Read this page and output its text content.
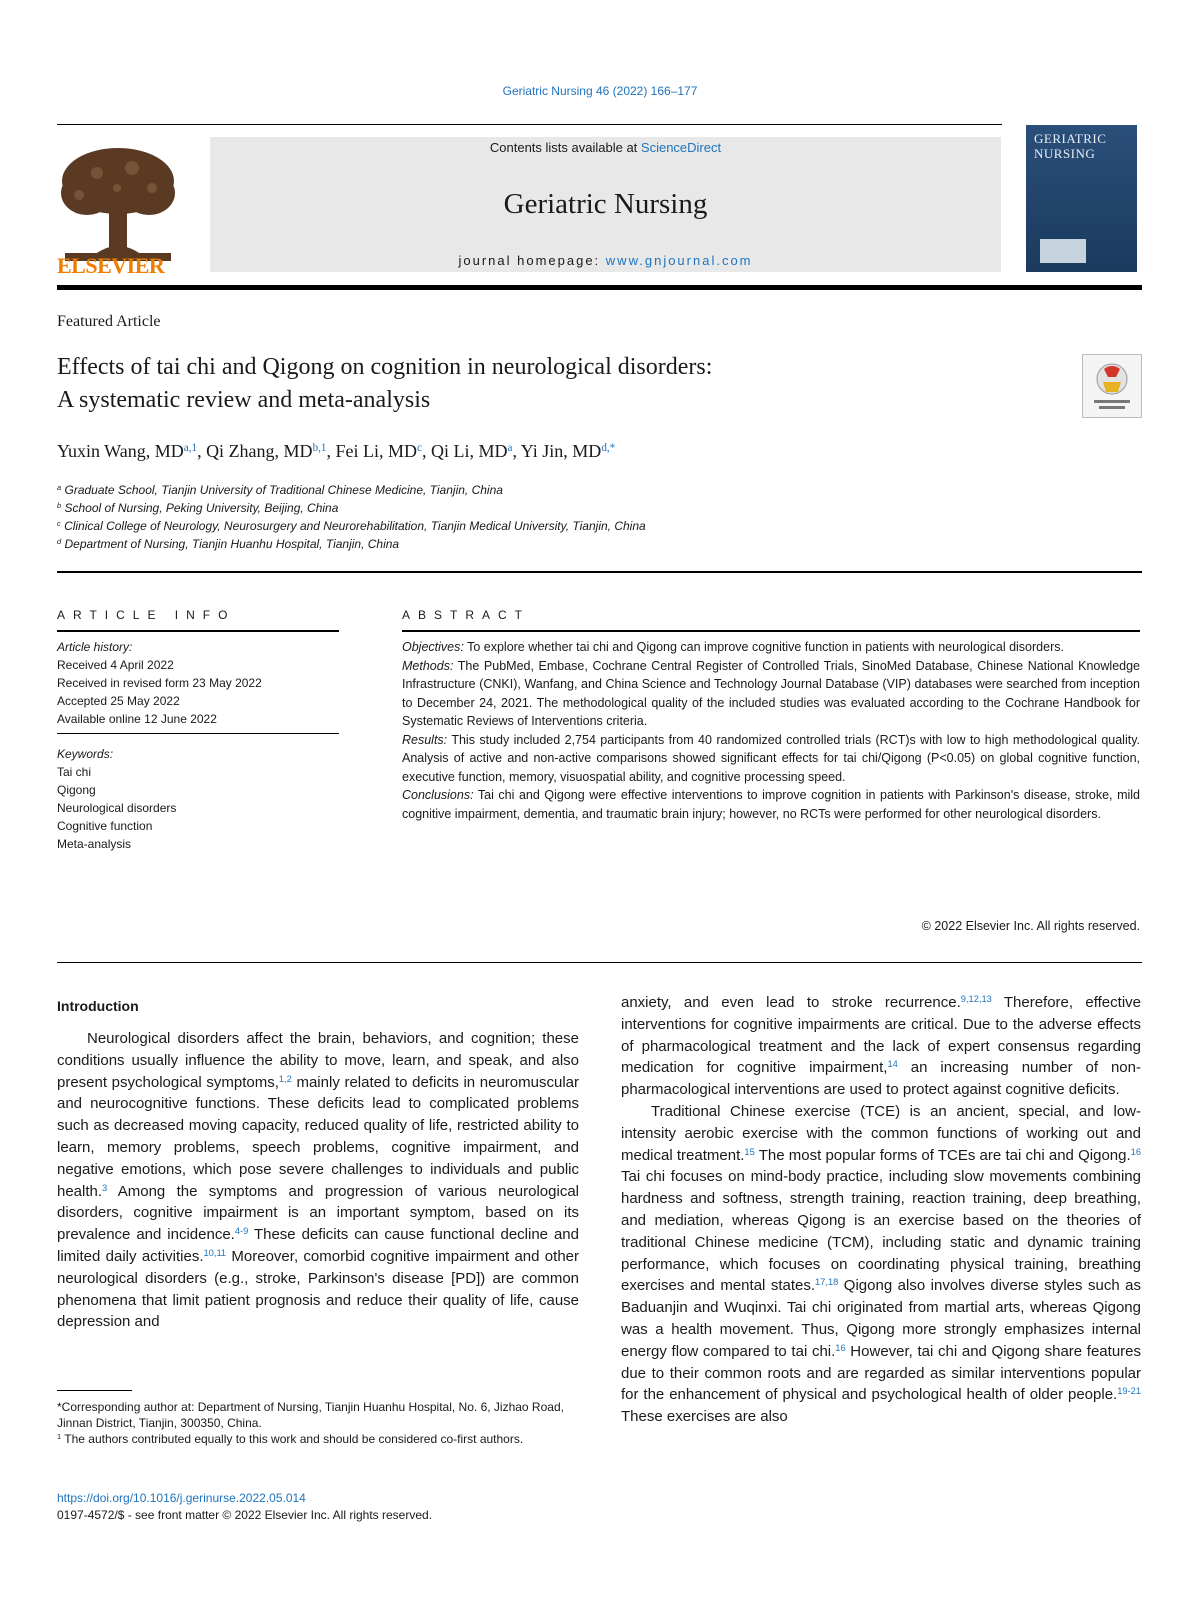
Geriatric Nursing 46 (2022) 166–177
ELSEVIER
Contents lists available at ScienceDirect
Geriatric Nursing
journal homepage: www.gnjournal.com
GERIATRIC NURSING
Featured Article
Effects of tai chi and Qigong on cognition in neurological disorders:
A systematic review and meta-analysis
Yuxin Wang, MD$^{a,1}$, Qi Zhang, MD$^{b,1}$, Fei Li, $MD^c$, Qi Li, $MD^a$, Yi Jin, $MD^{d,*}$
$^a$ Graduate School, Tianjin University of Traditional Chinese Medicine, Tianjin, China
$^b$ School of Nursing, Peking University, Beijing, China
$^c$ Clinical College of Neurology, Neurosurgery and Neurorehabilitation, Tianjin Medical University, Tianjin, China
$^d$ Department of Nursing, Tianjin Huanhu Hospital, Tianjin, China
ARTICLE INFO
Article history:
Received 4 April 2022
Received in revised form 23 May 2022
Accepted 25 May 2022
Available online 12 June 2022
Keywords:
Tai chi
Qigong
Neurological disorders
Cognitive function
Meta-analysis
ABSTRACT

Objectives: To explore whether tai chi and Qigong can improve cognitive function in patients with neurological disorders.

Methods: The PubMed, Embase, Cochrane Central Register of Controlled Trials, SinoMed Database, Chinese National Knowledge Infrastructure (CNKI), Wanfang, and China Science and Technology Journal Database (VIP) databases were searched from inception to December 24, 2021. The methodological quality of the included studies was evaluated according to the Cochrane Handbook for Systematic Reviews of Interventions criteria.

Results: This study included 2,754 participants from 40 randomized controlled trials (RCT)s with low to high methodological quality. Analysis of active and non-active comparisons showed significant effects for tai chi/Qigong (P<0.05) on global cognitive function, executive function, memory, visuospatial ability, and cognitive processing speed.

Conclusions: Tai chi and Qigong were effective interventions to improve cognition in patients with Parkinson's disease, stroke, mild cognitive impairment, dementia, and traumatic brain injury; however, no RCTs were performed for other neurological disorders.

© 2022 Elsevier Inc. All rights reserved.
Introduction

Neurological disorders affect the brain, behaviors, and cognition; these conditions usually influence the ability to move, learn, and speak, and also present psychological symptoms,$^{1,2}$ mainly related to deficits in neuromuscular and neurocognitive functions. These deficits lead to complicated problems such as decreased moving capacity, reduced quality of life, restricted ability to learn, memory problems, speech problems, cognitive impairment, and negative emotions, which pose severe challenges to individuals and public health.$^3$ Among the symptoms and progression of various neurological disorders, cognitive impairment is an important symptom, based on its prevalence and incidence.$^{4-9}$ These deficits can cause functional decline and limited daily activities.$^{10,11}$ Moreover, comorbid cognitive impairment and other neurological disorders (e.g., stroke, Parkinson's disease [PD]) are common phenomena that limit patient prognosis and reduce their quality of life, cause depression and

anxiety, and even lead to stroke recurrence.$^{9,12,13}$ Therefore, effective interventions for cognitive impairments are critical. Due to the adverse effects of pharmacological treatment and the lack of expert consensus regarding medication for cognitive impairment,$^{14}$ an increasing number of non-pharmacological interventions are used to protect against cognitive deficits.

Traditional Chinese exercise (TCE) is an ancient, special, and low-intensity aerobic exercise with the common functions of working out and medical treatment.$^{15}$ The most popular forms of TCEs are tai chi and Qigong.$^{16}$ Tai chi focuses on mind-body practice, including slow movements combining hardness and softness, strength training, reaction training, deep breathing, and mediation, whereas Qigong is an exercise based on the theories of traditional Chinese medicine (TCM), including static and dynamic training performance, which focuses on coordinating physical training, breathing exercises and mental states.$^{17,18}$ Qigong also involves diverse styles such as Baduanjin and Wuqinxi. Tai chi originated from martial arts, whereas Qigong was a health movement. Thus, Qigong more strongly emphasizes internal energy flow compared to tai chi.$^{16}$ However, tai chi and Qigong share features due to their common roots and are regarded as similar interventions popular for the enhancement of physical and psychological health of older people.$^{19-21}$ These exercises are also

*Corresponding author at: Department of Nursing, Tianjin Huanhu Hospital, No. 6, Jizhao Road, Jinnan District, Tianjin, 300350, China.
$^1$ The authors contributed equally to this work and should be considered co-first authors.
https://doi.org/10.1016/j.gerinurse.2022.05.014
0197-4572/$ - see front matter © 2022 Elsevier Inc. All rights reserved.
